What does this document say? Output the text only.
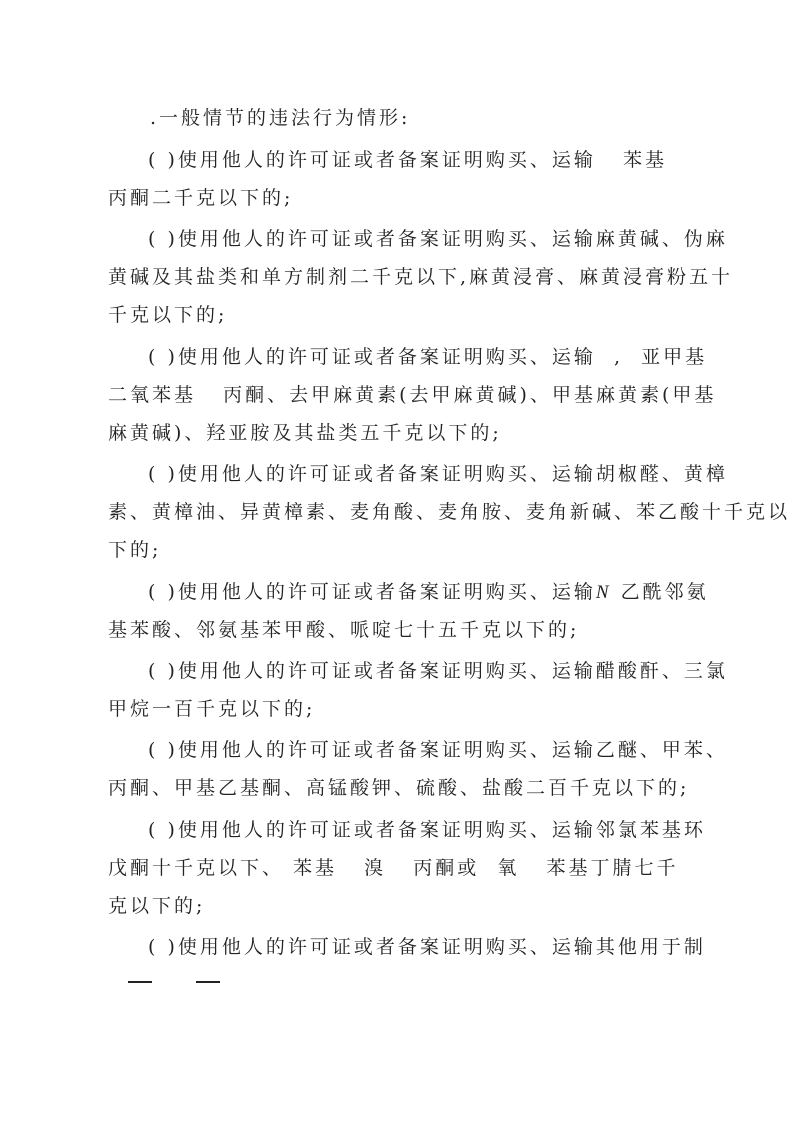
.一般情节的违法行为情形:
( )使用他人的许可证或者备案证明购买、运输   苯基
丙酮二千克以下的;
( )使用他人的许可证或者备案证明购买、运输麻黄碱、伪麻
黄碱及其盐类和单方制剂二千克以下,麻黄浸膏、麻黄浸膏粉五十
千克以下的;
( )使用他人的许可证或者备案证明购买、运输  ,  亚甲基
二氧苯基   丙酮、去甲麻黄素(去甲麻黄碱)、甲基麻黄素(甲基
麻黄碱)、羟亚胺及其盐类五千克以下的;
( )使用他人的许可证或者备案证明购买、运输胡椒醛、黄樟
素、黄樟油、异黄樟素、麦角酸、麦角胺、麦角新碱、苯乙酸十千克以
下的;
( )使用他人的许可证或者备案证明购买、运输N 乙酰邻氨
基苯酸、邻氨基苯甲酸、哌啶七十五千克以下的;
( )使用他人的许可证或者备案证明购买、运输醋酸酐、三氯
甲烷一百千克以下的;
( )使用他人的许可证或者备案证明购买、运输乙醚、甲苯、
丙酮、甲基乙基酮、高锰酸钾、硫酸、盐酸二百千克以下的;
( )使用他人的许可证或者备案证明购买、运输邻氯苯基环
戊酮十千克以下、 苯基   溴   丙酮或  氧   苯基丁腈七千
克以下的;
( )使用他人的许可证或者备案证明购买、运输其他用于制
